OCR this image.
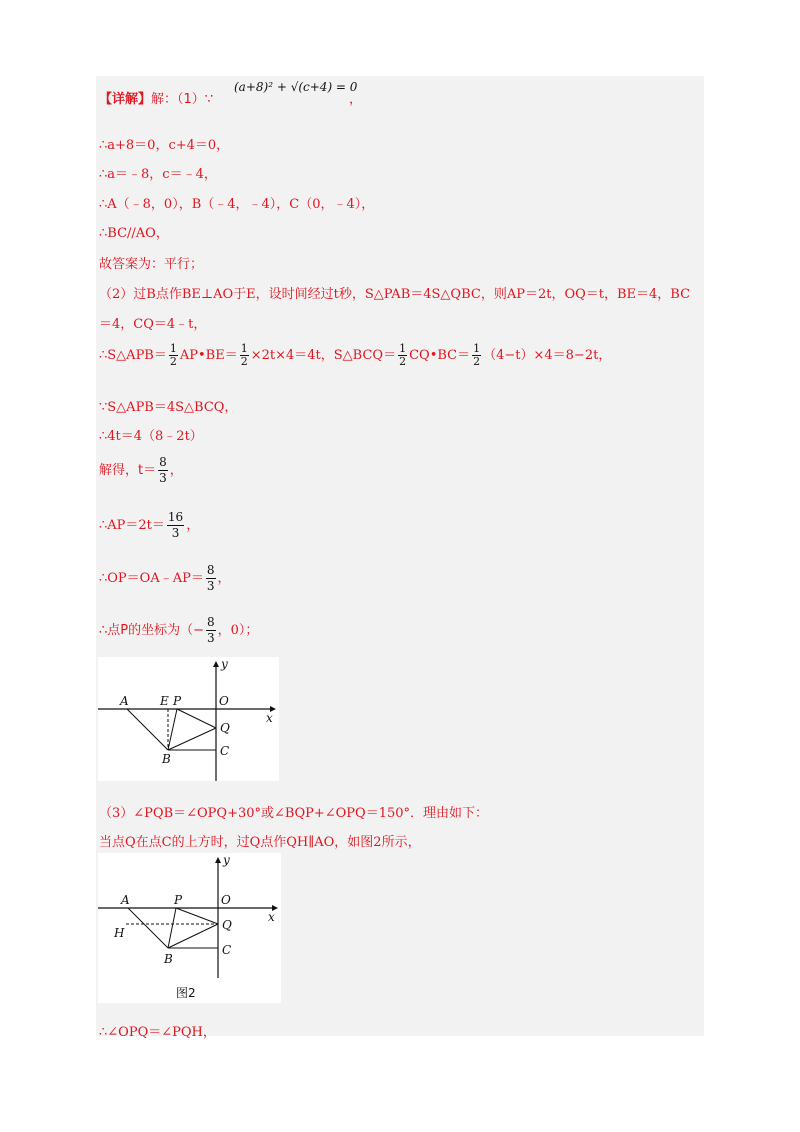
【详解】解：（1）∵
(a+8)² + √(c+4) = 0
，
∴a+8＝0，c+4＝0，
∴a＝﹣8，c＝﹣4，
∴A（﹣8，0），B（﹣4，﹣4），C（0，﹣4），
∴BC//AO，
故答案为：平行；
（2）过B点作BE⊥AO于E，设时间经过t秒，S△PAB＝4S△QBC，则AP＝2t，OQ＝t，BE＝4，BC
＝4，CQ＝4﹣t，
∴S△APB＝ $\frac{1}{2}$ AP•BE＝ $\frac{1}{2} \times 2t\times 4=4t$，S△BCQ＝ $\frac{1}{2}$ CQ•BC＝ $\frac{1}{2} (4-t)\times 4=8-2t$，
∵S△APB＝4S△BCQ，
∴4t＝4（8﹣2t）
解得，$t= \frac{8}{3}$ ，
∴AP＝2t＝ $\frac{16}{3}$ ，
∴OP＝OA﹣AP＝ $\frac{8}{3}$ ，
∴点P的坐标为（− $\frac{8}{3}$ ，0）；
y
x
A	E P	O
Q
C
B
（3）∠PQB＝∠OPQ+30°或∠BQP+∠OPQ＝150°．理由如下：
当点Q在点C的上方时，过Q点作QH∥AO，如图2所示，
y
x
A	P	O
Q
H
C
B
图2
∴∠OPQ＝∠PQH，
